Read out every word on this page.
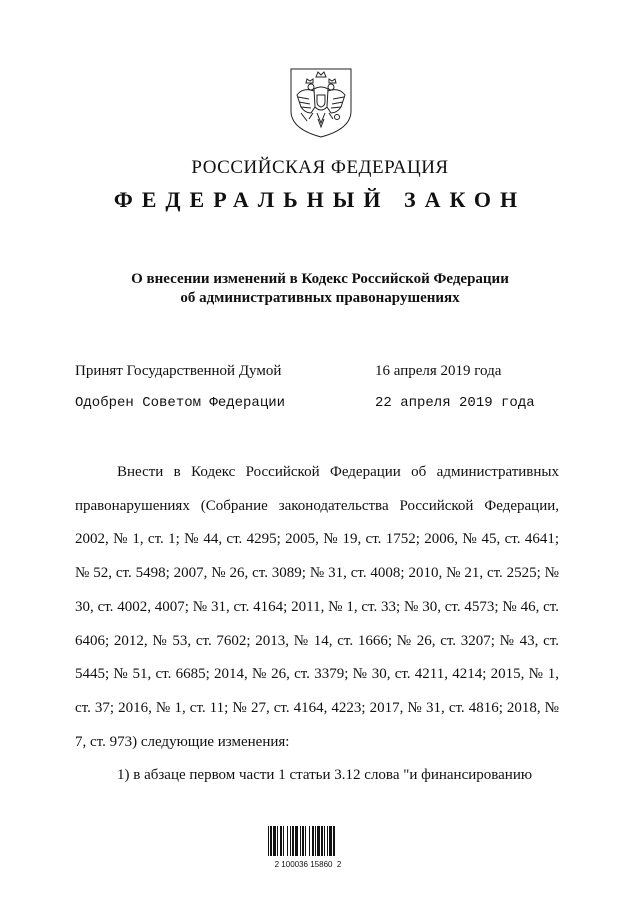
РОССИЙСКАЯ ФЕДЕРАЦИЯ
ФЕДЕРАЛЬНЫЙ ЗАКОН
О внесении изменений в Кодекс Российской Федерации
об административных правонарушениях
Принят Государственной Думой	16 апреля 2019 года
Одобрен Советом Федерации	22 апреля 2019 года

Внести в Кодекс Российской Федерации об административных правонарушениях (Собрание законодательства Российской Федерации, 2002, № 1, ст. 1; № 44, ст. 4295; 2005, № 19, ст. 1752; 2006, № 45, ст. 4641; № 52, ст. 5498; 2007, № 26, ст. 3089; № 31, ст. 4008; 2010, № 21, ст. 2525; № 30, ст. 4002, 4007; № 31, ст. 4164; 2011, № 1, ст. 33; № 30, ст. 4573; № 46, ст. 6406; 2012, № 53, ст. 7602; 2013, № 14, ст. 1666; № 26, ст. 3207; № 43, ст. 5445; № 51, ст. 6685; 2014, № 26, ст. 3379; № 30, ст. 4211, 4214; 2015, № 1, ст. 37; 2016, № 1, ст. 11; № 27, ст. 4164, 4223; 2017, № 31, ст. 4816; 2018, № 7, ст. 973) следующие изменения:

1) в абзаце первом части 1 статьи 3.12 слова "и финансированию

2 100036 15860  2
